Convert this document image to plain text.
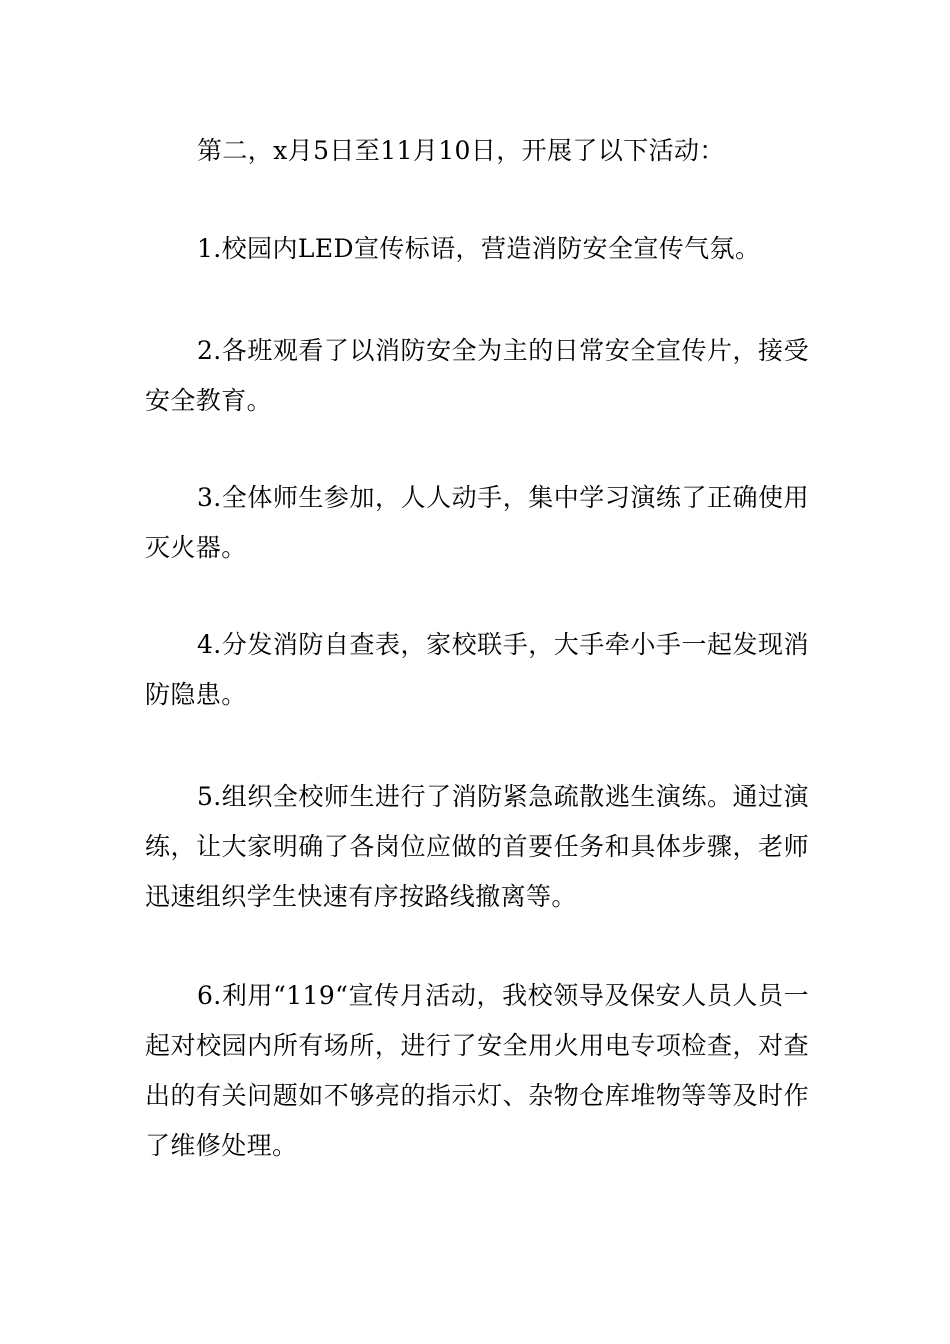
第二，x月5日至11月10日，开展了以下活动：

1.校园内LED宣传标语，营造消防安全宣传气氛。

2.各班观看了以消防安全为主的日常安全宣传片，接受安全教育。

3.全体师生参加，人人动手，集中学习演练了正确使用灭火器。

4.分发消防自查表，家校联手，大手牵小手一起发现消防隐患。

5.组织全校师生进行了消防紧急疏散逃生演练。通过演练，让大家明确了各岗位应做的首要任务和具体步骤，老师迅速组织学生快速有序按路线撤离等。

6.利用“119“宣传月活动，我校领导及保安人员人员一起对校园内所有场所，进行了安全用火用电专项检查，对查出的有关问题如不够亮的指示灯、杂物仓库堆物等等及时作了维修处理。
